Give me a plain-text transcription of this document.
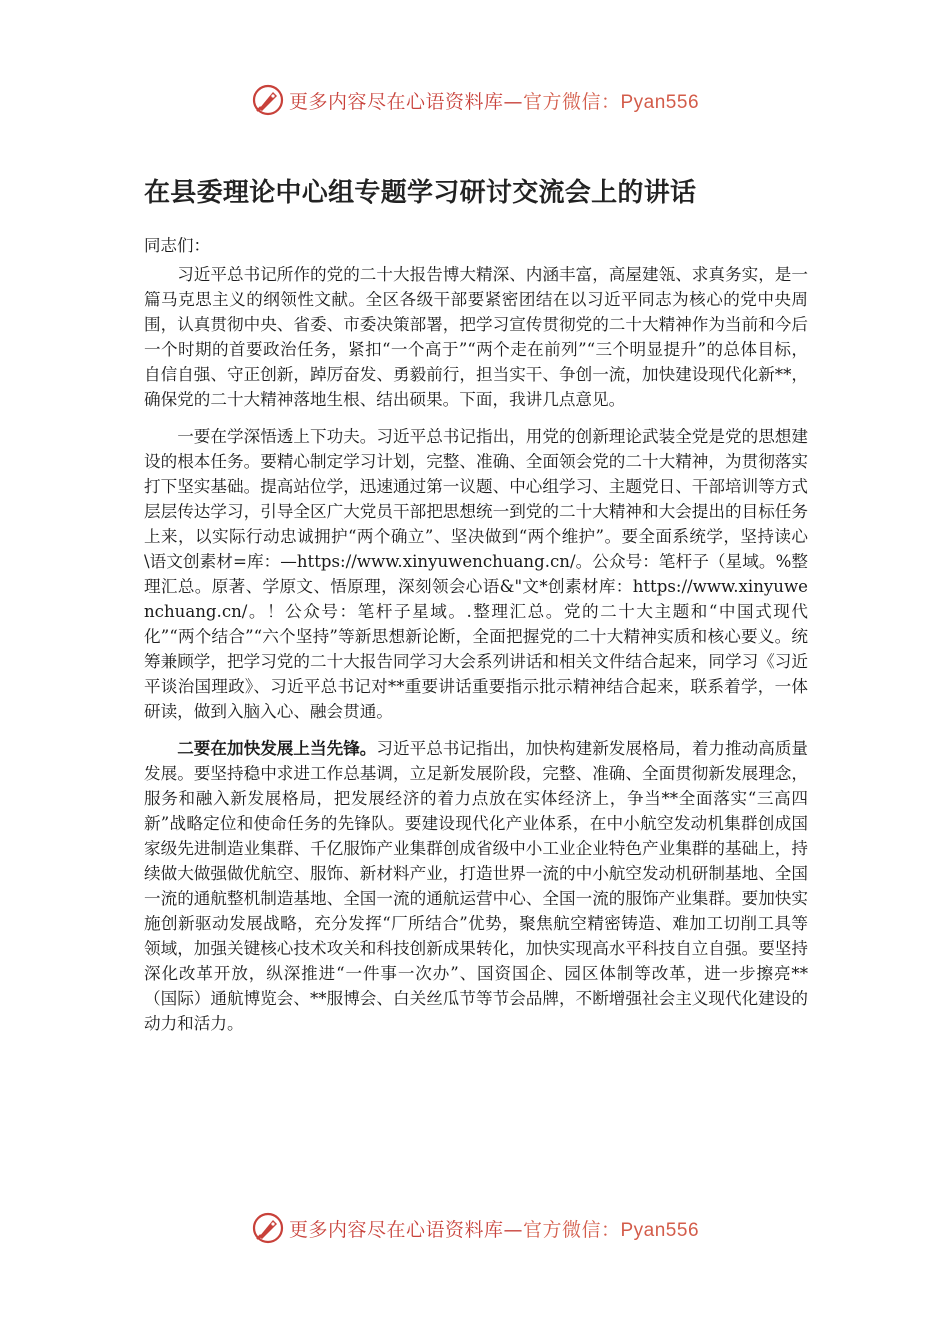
更多内容尽在心语资料库—官方微信：Pyan556
在县委理论中心组专题学习研讨交流会上的讲话

同志们：

习近平总书记所作的党的二十大报告博大精深、内涵丰富，高屋建瓴、求真务实，是一篇马克思主义的纲领性文献。全区各级干部要紧密团结在以习近平同志为核心的党中央周围，认真贯彻中央、省委、市委决策部署，把学习宣传贯彻党的二十大精神作为当前和今后一个时期的首要政治任务，紧扣“一个高于”“两个走在前列”“三个明显提升”的总体目标，自信自强、守正创新，踔厉奋发、勇毅前行，担当实干、争创一流，加快建设现代化新**，确保党的二十大精神落地生根、结出硕果。下面，我讲几点意见。

一要在学深悟透上下功夫。习近平总书记指出，用党的创新理论武装全党是党的思想建设的根本任务。要精心制定学习计划，完整、准确、全面领会党的二十大精神，为贯彻落实打下坚实基础。提高站位学，迅速通过第一议题、中心组学习、主题党日、干部培训等方式层层传达学习，引导全区广大党员干部把思想统一到党的二十大精神和大会提出的目标任务上来，以实际行动忠诚拥护“两个确立”、坚决做到“两个维护”。要全面系统学，坚持读心\语文创素材=库：—https://www.xinyuwenchuang.cn/。公众号：笔杆子（星域。%整理汇总。原著、学原文、悟原理，深刻领会心语&"文*创素材库：https://www.xinyuwenchuang.cn/。！公众号：笔杆子星域。.整理汇总。党的二十大主题和“中国式现代化”“两个结合”“六个坚持”等新思想新论断，全面把握党的二十大精神实质和核心要义。统筹兼顾学，把学习党的二十大报告同学习大会系列讲话和相关文件结合起来，同学习《习近平谈治国理政》、习近平总书记对**重要讲话重要指示批示精神结合起来，联系着学，一体研读，做到入脑入心、融会贯通。

二要在加快发展上当先锋。习近平总书记指出，加快构建新发展格局，着力推动高质量发展。要坚持稳中求进工作总基调，立足新发展阶段，完整、准确、全面贯彻新发展理念，服务和融入新发展格局，把发展经济的着力点放在实体经济上，争当**全面落实“三高四新”战略定位和使命任务的先锋队。要建设现代化产业体系，在中小航空发动机集群创成国家级先进制造业集群、千亿服饰产业集群创成省级中小工业企业特色产业集群的基础上，持续做大做强做优航空、服饰、新材料产业，打造世界一流的中小航空发动机研制基地、全国一流的通航整机制造基地、全国一流的通航运营中心、全国一流的服饰产业集群。要加快实施创新驱动发展战略，充分发挥“厂所结合”优势，聚焦航空精密铸造、难加工切削工具等领域，加强关键核心技术攻关和科技创新成果转化，加快实现高水平科技自立自强。要坚持深化改革开放，纵深推进“一件事一次办”、国资国企、园区体制等改革，进一步擦亮**（国际）通航博览会、**服博会、白关丝瓜节等节会品牌，不断增强社会主义现代化建设的动力和活力。

更多内容尽在心语资料库—官方微信：Pyan556
